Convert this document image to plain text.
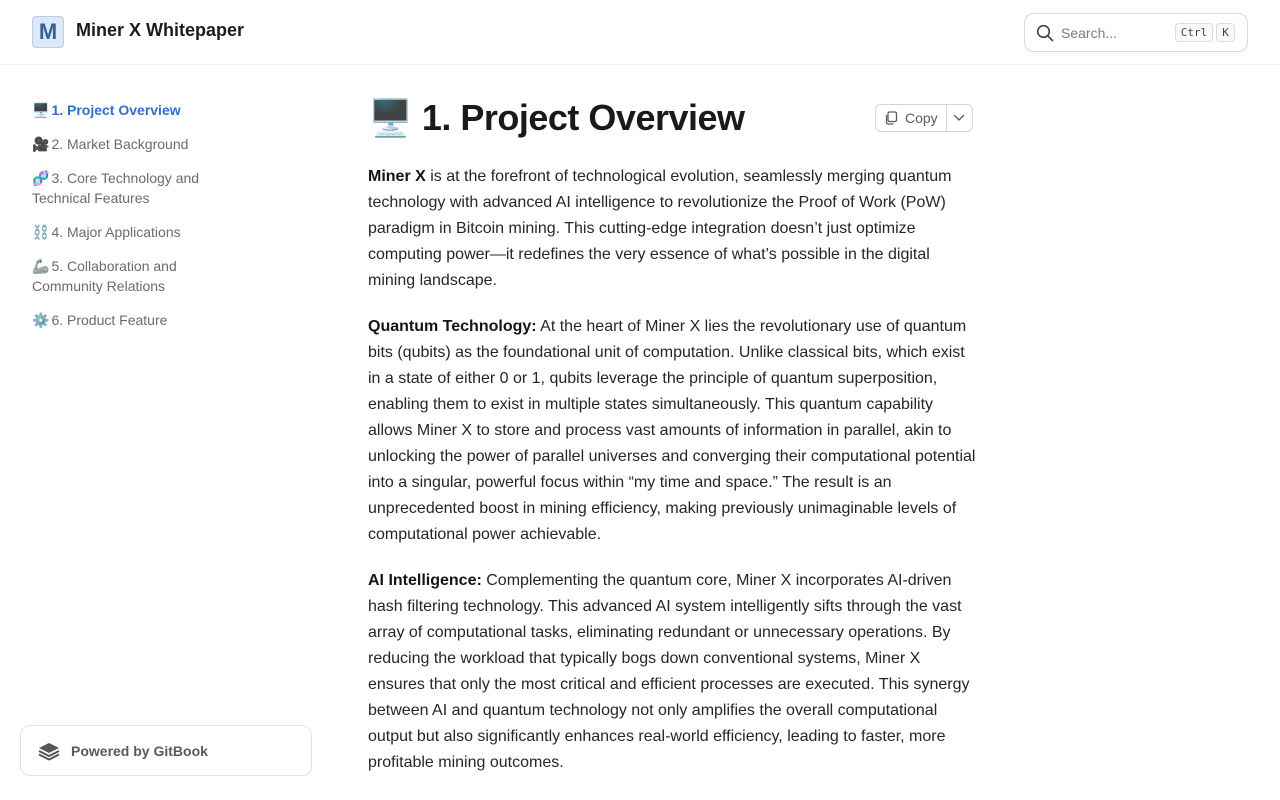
M	Miner X Whitepaper	Search...	Ctrl	K
🖥️ 1. Project Overview
🎥 2. Market Background
🧬 3. Core Technology and Technical Features
⛓️ 4. Major Applications
🦾 5. Collaboration and Community Relations
⚙️ 6. Product Feature
Powered by GitBook
🖥️ 1. Project Overview	Copy

Miner X is at the forefront of technological evolution, seamlessly merging quantum technology with advanced AI intelligence to revolutionize the Proof of Work (PoW) paradigm in Bitcoin mining. This cutting-edge integration doesn’t just optimize computing power—it redefines the very essence of what’s possible in the digital mining landscape.

Quantum Technology: At the heart of Miner X lies the revolutionary use of quantum bits (qubits) as the foundational unit of computation. Unlike classical bits, which exist in a state of either 0 or 1, qubits leverage the principle of quantum superposition, enabling them to exist in multiple states simultaneously. This quantum capability allows Miner X to store and process vast amounts of information in parallel, akin to unlocking the power of parallel universes and converging their computational potential into a singular, powerful focus within “my time and space.” The result is an unprecedented boost in mining efficiency, making previously unimaginable levels of computational power achievable.

AI Intelligence: Complementing the quantum core, Miner X incorporates AI-driven hash filtering technology. This advanced AI system intelligently sifts through the vast array of computational tasks, eliminating redundant or unnecessary operations. By reducing the workload that typically bogs down conventional systems, Miner X ensures that only the most critical and efficient processes are executed. This synergy between AI and quantum technology not only amplifies the overall computational output but also significantly enhances real-world efficiency, leading to faster, more profitable mining outcomes.
